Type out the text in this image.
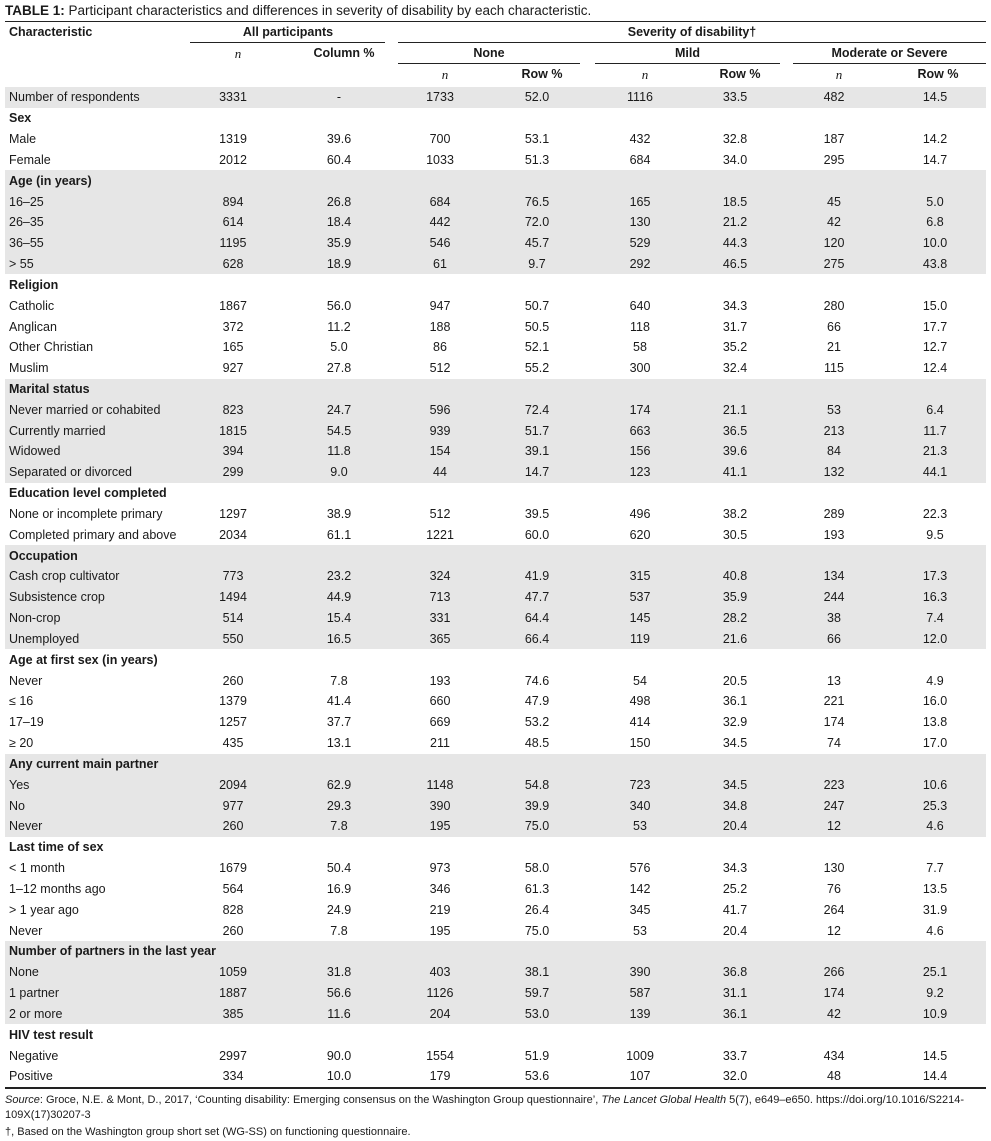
TABLE 1: Participant characteristics and differences in severity of disability by each characteristic.
Characteristic	All participants	Severity of disability†
n	Column %	None	Mild	Moderate or Severe
n	Row %	n	Row %	n	Row %
Number of respondents	3331	-	1733	52.0	1116	33.5	482	14.5
Sex								
Male	1319	39.6	700	53.1	432	32.8	187	14.2
Female	2012	60.4	1033	51.3	684	34.0	295	14.7
Age (in years)								
16–25	894	26.8	684	76.5	165	18.5	45	5.0
26–35	614	18.4	442	72.0	130	21.2	42	6.8
36–55	1195	35.9	546	45.7	529	44.3	120	10.0
> 55	628	18.9	61	9.7	292	46.5	275	43.8
Religion								
Catholic	1867	56.0	947	50.7	640	34.3	280	15.0
Anglican	372	11.2	188	50.5	118	31.7	66	17.7
Other Christian	165	5.0	86	52.1	58	35.2	21	12.7
Muslim	927	27.8	512	55.2	300	32.4	115	12.4
Marital status								
Never married or cohabited	823	24.7	596	72.4	174	21.1	53	6.4
Currently married	1815	54.5	939	51.7	663	36.5	213	11.7
Widowed	394	11.8	154	39.1	156	39.6	84	21.3
Separated or divorced	299	9.0	44	14.7	123	41.1	132	44.1
Education level completed								
None or incomplete primary	1297	38.9	512	39.5	496	38.2	289	22.3
Completed primary and above	2034	61.1	1221	60.0	620	30.5	193	9.5
Occupation								
Cash crop cultivator	773	23.2	324	41.9	315	40.8	134	17.3
Subsistence crop	1494	44.9	713	47.7	537	35.9	244	16.3
Non-crop	514	15.4	331	64.4	145	28.2	38	7.4
Unemployed	550	16.5	365	66.4	119	21.6	66	12.0
Age at first sex (in years)								
Never	260	7.8	193	74.6	54	20.5	13	4.9
≤ 16	1379	41.4	660	47.9	498	36.1	221	16.0
17–19	1257	37.7	669	53.2	414	32.9	174	13.8
≥ 20	435	13.1	211	48.5	150	34.5	74	17.0
Any current main partner								
Yes	2094	62.9	1148	54.8	723	34.5	223	10.6
No	977	29.3	390	39.9	340	34.8	247	25.3
Never	260	7.8	195	75.0	53	20.4	12	4.6
Last time of sex								
< 1 month	1679	50.4	973	58.0	576	34.3	130	7.7
1–12 months ago	564	16.9	346	61.3	142	25.2	76	13.5
> 1 year ago	828	24.9	219	26.4	345	41.7	264	31.9
Never	260	7.8	195	75.0	53	20.4	12	4.6
Number of partners in the last year								
None	1059	31.8	403	38.1	390	36.8	266	25.1
1 partner	1887	56.6	1126	59.7	587	31.1	174	9.2
2 or more	385	11.6	204	53.0	139	36.1	42	10.9
HIV test result								
Negative	2997	90.0	1554	51.9	1009	33.7	434	14.5
Positive	334	10.0	179	53.6	107	32.0	48	14.4
Source: Groce, N.E. & Mont, D., 2017, ‘Counting disability: Emerging consensus on the Washington Group questionnaire’, The Lancet Global Health 5(7), e649–e650. https://doi.org/10.1016/S2214-109X(17)30207-3
†, Based on the Washington group short set (WG-SS) on functioning questionnaire.
